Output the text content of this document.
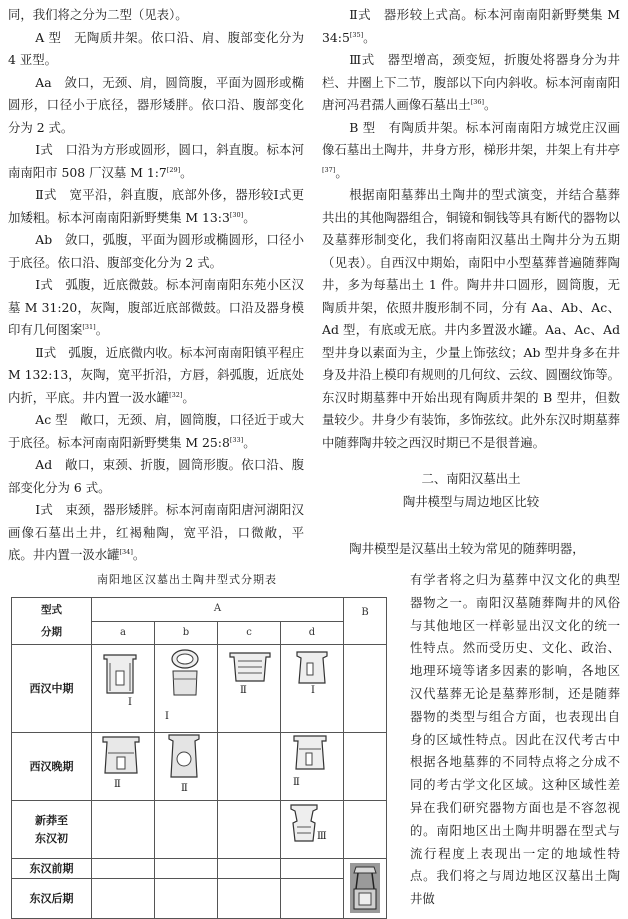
同，我们将之分为二型（见表）。

A 型　无陶质井架。依口沿、肩、腹部变化分为 4 亚型。

Aa　敛口，无颈、肩，圆筒腹，平面为圆形或椭圆形，口径小于底径，器形矮胖。依口沿、腹部变化分为 2 式。

Ⅰ式　口沿为方形或圆形，圆口，斜直腹。标本河南南阳市 508 厂汉墓 M 1:7[29]。

Ⅱ式　宽平沿，斜直腹，底部外侈，器形较Ⅰ式更加矮粗。标本河南南阳新野樊集 M 13:3[30]。

Ab　敛口，弧腹，平面为圆形或椭圆形，口径小于底径。依口沿、腹部变化分为 2 式。

Ⅰ式　弧腹，近底微鼓。标本河南南阳东苑小区汉墓 M 31:20，灰陶，腹部近底部微鼓。口沿及器身模印有几何图案[31]。

Ⅱ式　弧腹，近底微内收。标本河南南阳镇平程庄 M 132:13，灰陶，宽平折沿，方唇，斜弧腹，近底处内折，平底。井内置一汲水罐[32]。

Ac 型　敞口，无颈、肩，圆筒腹，口径近于或大于底径。标本河南南阳新野樊集 M 25:8[33]。

Ad　敞口，束颈、折腹，圆筒形腹。依口沿、腹部变化分为 6 式。

Ⅰ式　束颈，器形矮胖。标本河南南阳唐河湖阳汉画像石墓出土井，红褐釉陶，宽平沿，口微敞，平底。井内置一汲水罐[34]。

Ⅱ式　器形较上式高。标本河南南阳新野樊集 M 34:5[35]。

Ⅲ式　器型增高，颈变短，折腹处将器身分为井栏、井圈上下二节，腹部以下向内斜收。标本河南南阳唐河冯君孺人画像石墓出土[36]。

B 型　有陶质井架。标本河南南阳方城党庄汉画像石墓出土陶井，井身方形，梯形井架，井架上有井亭[37]。

根据南阳墓葬出土陶井的型式演变，并结合墓葬共出的其他陶器组合，铜镜和铜钱等具有断代的器物以及墓葬形制变化，我们将南阳汉墓出土陶井分为五期（见表）。自西汉中期始，南阳中小型墓葬普遍随葬陶井，多为每墓出土 1 件。陶井井口圆形，圆筒腹，无陶质井架，依照井腹形制不同，分有 Aa、Ab、Ac、Ad 型，有底或无底。井内多置汲水罐。Aa、Ac、Ad 型井身以素面为主，少量上饰弦纹；Ab 型井身多在井身及井沿上模印有规则的几何纹、云纹、圆圈纹饰等。东汉时期墓葬中开始出现有陶质井架的 B 型井，但数量较少。井身少有装饰，多饰弦纹。此外东汉时期墓葬中随葬陶井较之西汉时期已不是很普遍。

二、南阳汉墓出土

陶井模型与周边地区比较

陶井模型是汉墓出土较为常见的随葬明器，

有学者将之归为墓葬中汉文化的典型器物之一。南阳汉墓随葬陶井的风俗与其他地区一样彰显出汉文化的统一性特点。然而受历史、文化、政治、地理环境等诸多因素的影响，各地区汉代墓葬无论是墓葬形制，还是随葬器物的类型与组合方面，也表现出自身的区域性特点。因此在汉代考古中根据各地墓葬的不同特点将之分成不同的考古学文化区域。这种区域性差异在我们研究器物方面也是不容忽视的。南阳地区出土陶井明器在型式与流行程度上表现出一定的地域性特点。我们将之与周边地区汉墓出土陶井做

南阳地区汉墓出土陶井型式分期表
型式
分期	A				B
	a	b	c	d	
西汉中期	Ⅰ	Ⅰ	Ⅱ	Ⅰ	

西汉晚期	Ⅱ	Ⅱ		Ⅱ	

新莽至
东汉初				Ⅲ	

东汉前期					

东汉后期					
